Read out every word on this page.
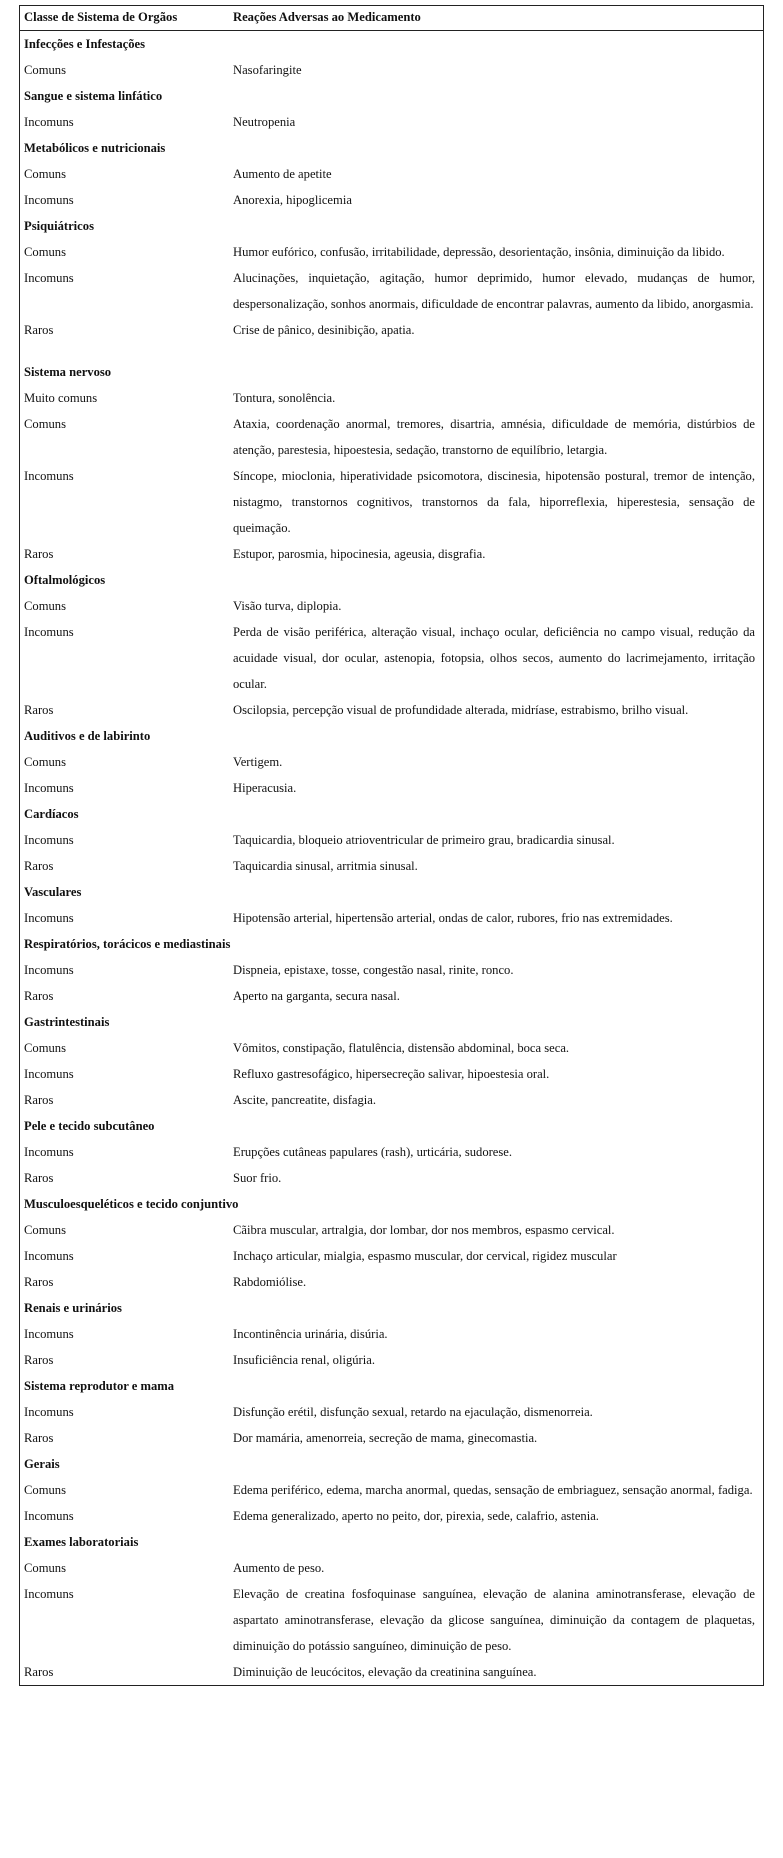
Classe de Sistema de Orgãos	Reações Adversas ao Medicamento
Infecções e Infestações	
Comuns	Nasofaringite
Sangue e sistema linfático	
Incomuns	Neutropenia
Metabólicos e nutricionais	
Comuns	Aumento de apetite
Incomuns	Anorexia, hipoglicemia
Psiquiátricos	
Comuns	Humor eufórico, confusão, irritabilidade, depressão, desorientação, insônia, diminuição da libido.
Incomuns	Alucinações, inquietação, agitação, humor deprimido, humor elevado, mudanças de humor, despersonalização, sonhos anormais, dificuldade de encontrar palavras, aumento da libido, anorgasmia.
Raros	Crise de pânico, desinibição, apatia.

Sistema nervoso	
Muito comuns	Tontura, sonolência.
Comuns	Ataxia, coordenação anormal, tremores, disartria, amnésia, dificuldade de memória, distúrbios de atenção, parestesia, hipoestesia, sedação, transtorno de equilíbrio, letargia.
Incomuns	Síncope, mioclonia, hiperatividade psicomotora, discinesia, hipotensão postural, tremor de intenção, nistagmo, transtornos cognitivos, transtornos da fala, hiporreflexia, hiperestesia, sensação de queimação.
Raros	Estupor, parosmia, hipocinesia, ageusia, disgrafia.
Oftalmológicos	
Comuns	Visão turva, diplopia.
Incomuns	Perda de visão periférica, alteração visual, inchaço ocular, deficiência no campo visual, redução da acuidade visual, dor ocular, astenopia, fotopsia, olhos secos, aumento do lacrimejamento, irritação ocular.
Raros	Oscilopsia, percepção visual de profundidade alterada, midríase, estrabismo, brilho visual.
Auditivos e de labirinto	
Comuns	Vertigem.
Incomuns	Hiperacusia.
Cardíacos	
Incomuns	Taquicardia, bloqueio atrioventricular de primeiro grau, bradicardia sinusal.
Raros	Taquicardia sinusal, arritmia sinusal.
Vasculares	
Incomuns	Hipotensão arterial, hipertensão arterial, ondas de calor, rubores, frio nas extremidades.
Respiratórios, torácicos e mediastinais	
Incomuns	Dispneia, epistaxe, tosse, congestão nasal, rinite, ronco.
Raros	Aperto na garganta, secura nasal.
Gastrintestinais	
Comuns	Vômitos, constipação, flatulência, distensão abdominal, boca seca.
Incomuns	Refluxo gastresofágico, hipersecreção salivar, hipoestesia oral.
Raros	Ascite, pancreatite, disfagia.
Pele e tecido subcutâneo	
Incomuns	Erupções cutâneas papulares (rash), urticária, sudorese.
Raros	Suor frio.
Musculoesqueléticos e tecido conjuntivo	
Comuns	Cãibra muscular, artralgia, dor lombar, dor nos membros, espasmo cervical.
Incomuns	Inchaço articular, mialgia, espasmo muscular, dor cervical, rigidez muscular
Raros	Rabdomiólise.
Renais e urinários	
Incomuns	Incontinência urinária, disúria.
Raros	Insuficiência renal, oligúria.
Sistema reprodutor e mama	
Incomuns	Disfunção erétil, disfunção sexual, retardo na ejaculação, dismenorreia.
Raros	Dor mamária, amenorreia, secreção de mama, ginecomastia.
Gerais	
Comuns	Edema periférico, edema, marcha anormal, quedas, sensação de embriaguez, sensação anormal, fadiga.
Incomuns	Edema generalizado, aperto no peito, dor, pirexia, sede, calafrio, astenia.
Exames laboratoriais	
Comuns	Aumento de peso.
Incomuns	Elevação de creatina fosfoquinase sanguínea, elevação de alanina aminotransferase, elevação de aspartato aminotransferase, elevação da glicose sanguínea, diminuição da contagem de plaquetas, diminuição do potássio sanguíneo, diminuição de peso.
Raros	Diminuição de leucócitos, elevação da creatinina sanguínea.
